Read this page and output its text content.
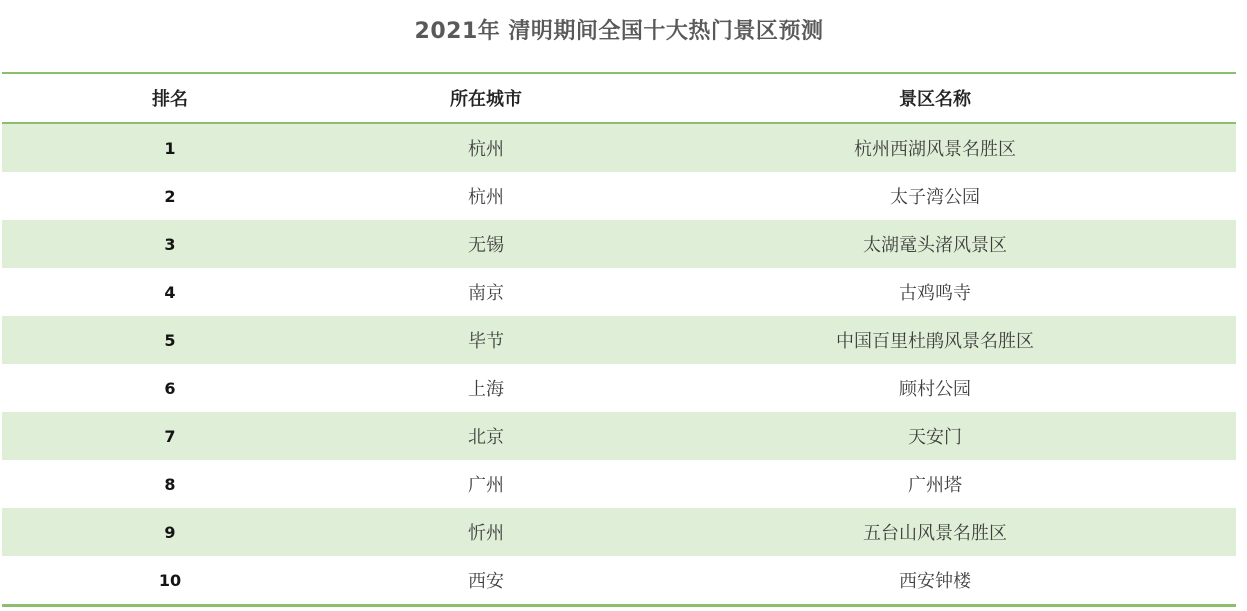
2021年 清明期间全国十大热门景区预测
排名	所在城市	景区名称
1	杭州	杭州西湖风景名胜区
2	杭州	太子湾公园
3	无锡	太湖鼋头渚风景区
4	南京	古鸡鸣寺
5	毕节	中国百里杜鹃风景名胜区
6	上海	顾村公园
7	北京	天安门
8	广州	广州塔
9	忻州	五台山风景名胜区
10	西安	西安钟楼
